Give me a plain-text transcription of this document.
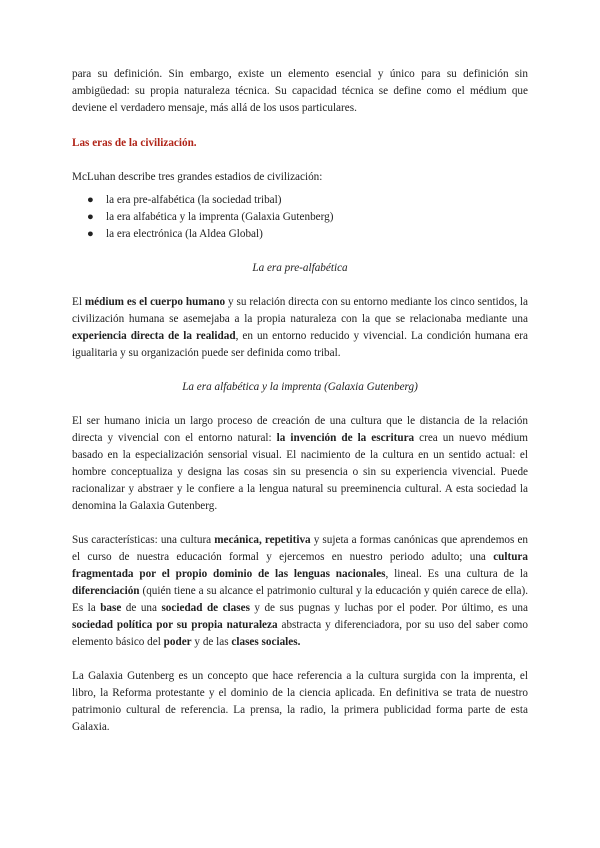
para su definición. Sin embargo, existe un elemento esencial y único para su definición sin ambigüedad: su propia naturaleza técnica. Su capacidad técnica se define como el médium que deviene el verdadero mensaje, más allá de los usos particulares.

Las eras de la civilización.

McLuhan describe tres grandes estadios de civilización:

● la era pre-alfabética (la sociedad tribal)
● la era alfabética y la imprenta (Galaxia Gutenberg)
● la era electrónica (la Aldea Global)

La era pre-alfabética

El médium es el cuerpo humano y su relación directa con su entorno mediante los cinco sentidos, la civilización humana se asemejaba a la propia naturaleza con la que se relacionaba mediante una experiencia directa de la realidad, en un entorno reducido y vivencial. La condición humana era igualitaria y su organización puede ser definida como tribal.

La era alfabética y la imprenta (Galaxia Gutenberg)

El ser humano inicia un largo proceso de creación de una cultura que le distancia de la relación directa y vivencial con el entorno natural: la invención de la escritura crea un nuevo médium basado en la especialización sensorial visual. El nacimiento de la cultura en un sentido actual: el hombre conceptualiza y designa las cosas sin su presencia o sin su experiencia vivencial. Puede racionalizar y abstraer y le confiere a la lengua natural su preeminencia cultural. A esta sociedad la denomina la Galaxia Gutenberg.

Sus características: una cultura mecánica, repetitiva y sujeta a formas canónicas que aprendemos en el curso de nuestra educación formal y ejercemos en nuestro periodo adulto; una cultura fragmentada por el propio dominio de las lenguas nacionales, lineal. Es una cultura de la diferenciación (quién tiene a su alcance el patrimonio cultural y la educación y quién carece de ella). Es la base de una sociedad de clases y de sus pugnas y luchas por el poder. Por último, es una sociedad política por su propia naturaleza abstracta y diferenciadora, por su uso del saber como elemento básico del poder y de las clases sociales.

La Galaxia Gutenberg es un concepto que hace referencia a la cultura surgida con la imprenta, el libro, la Reforma protestante y el dominio de la ciencia aplicada. En definitiva se trata de nuestro patrimonio cultural de referencia. La prensa, la radio, la primera publicidad forma parte de esta Galaxia.
